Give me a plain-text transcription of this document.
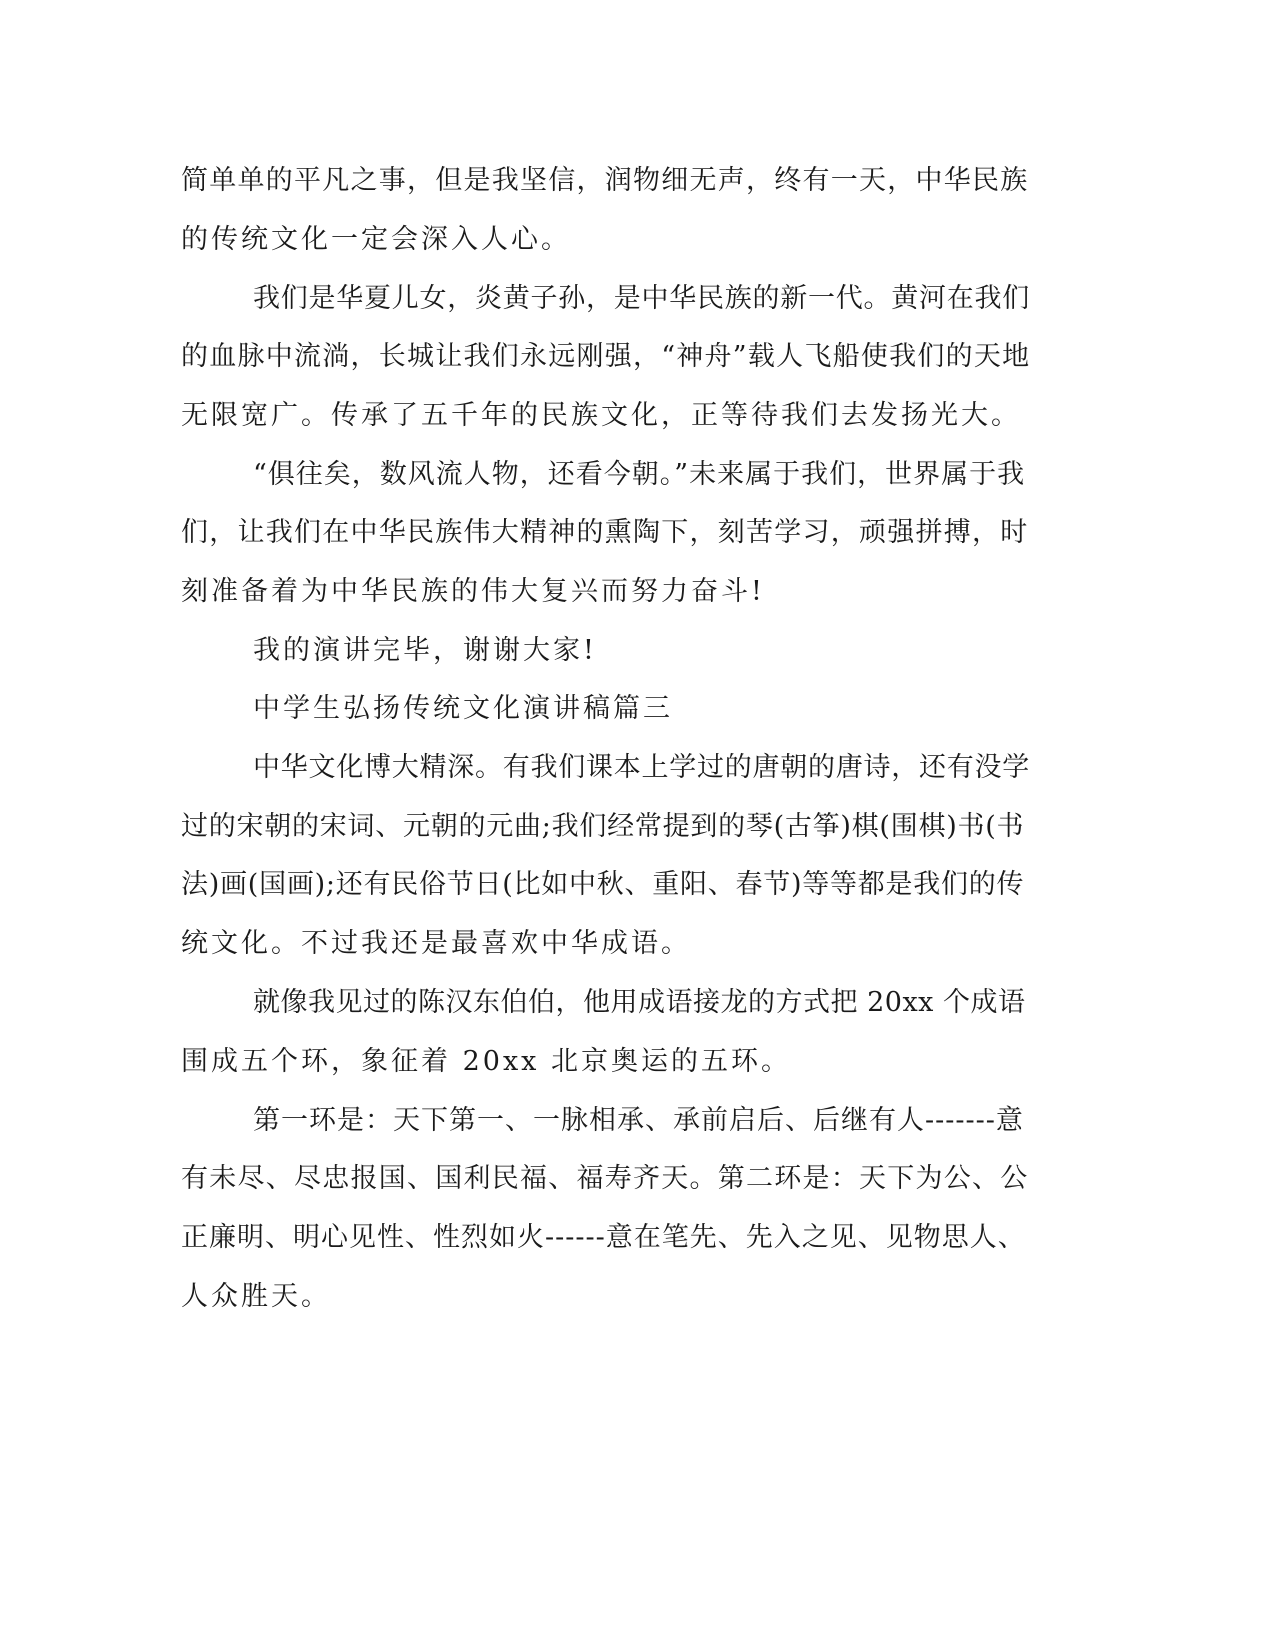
简单单的平凡之事，但是我坚信，润物细无声，终有一天，中华民族
的传统文化一定会深入人心。
我们是华夏儿女，炎黄子孙，是中华民族的新一代。黄河在我们
的血脉中流淌，长城让我们永远刚强，“神舟”载人飞船使我们的天地
无限宽广。传承了五千年的民族文化，正等待我们去发扬光大。
“俱往矣，数风流人物，还看今朝。”未来属于我们，世界属于我
们，让我们在中华民族伟大精神的熏陶下，刻苦学习，顽强拼搏，时
刻准备着为中华民族的伟大复兴而努力奋斗!
我的演讲完毕，谢谢大家!
中学生弘扬传统文化演讲稿篇三
中华文化博大精深。有我们课本上学过的唐朝的唐诗，还有没学
过的宋朝的宋词、元朝的元曲;我们经常提到的琴(古筝)棋(围棋)书(书
法)画(国画);还有民俗节日(比如中秋、重阳、春节)等等都是我们的传
统文化。不过我还是最喜欢中华成语。
就像我见过的陈汉东伯伯，他用成语接龙的方式把 20xx 个成语
围成五个环，象征着 20xx 北京奥运的五环。
第一环是：天下第一、一脉相承、承前启后、后继有人-------意
有未尽、尽忠报国、国利民福、福寿齐天。第二环是：天下为公、公
正廉明、明心见性、性烈如火------意在笔先、先入之见、见物思人、
人众胜天。
